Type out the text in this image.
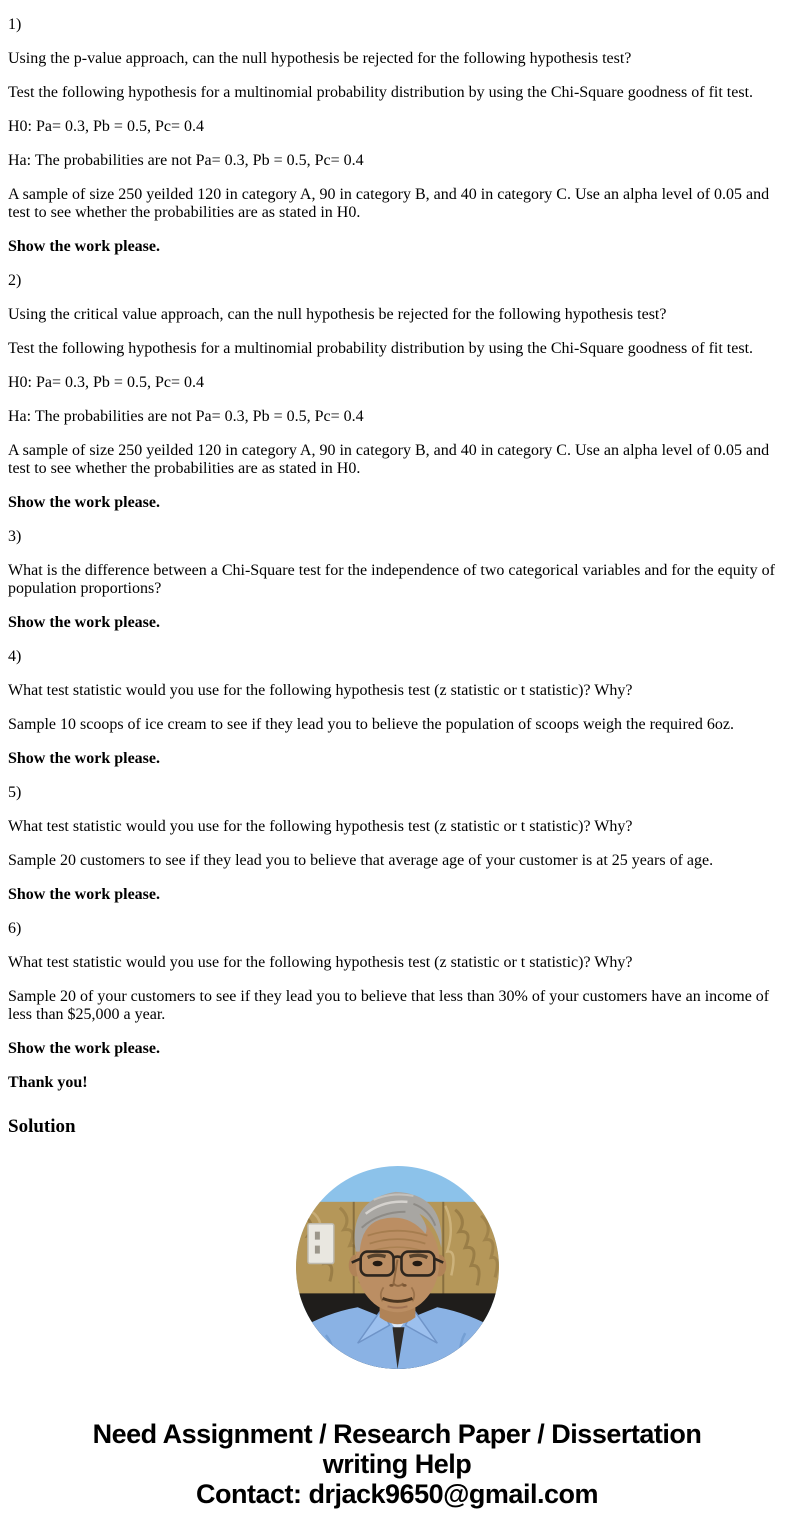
1)

Using the p-value approach, can the null hypothesis be rejected for the following hypothesis test?

Test the following hypothesis for a multinomial probability distribution by using the Chi-Square goodness of fit test.

H0: Pa= 0.3, Pb = 0.5, Pc= 0.4

Ha: The probabilities are not Pa= 0.3, Pb = 0.5, Pc= 0.4

A sample of size 250 yeilded 120 in category A, 90 in category B, and 40 in category C. Use an alpha level of 0.05 and test to see whether the probabilities are as stated in H0.

Show the work please.

2)

Using the critical value approach, can the null hypothesis be rejected for the following hypothesis test?

Test the following hypothesis for a multinomial probability distribution by using the Chi-Square goodness of fit test.

H0: Pa= 0.3, Pb = 0.5, Pc= 0.4

Ha: The probabilities are not Pa= 0.3, Pb = 0.5, Pc= 0.4

A sample of size 250 yeilded 120 in category A, 90 in category B, and 40 in category C. Use an alpha level of 0.05 and test to see whether the probabilities are as stated in H0.

Show the work please.

3)

What is the difference between a Chi-Square test for the independence of two categorical variables and for the equity of population proportions?

Show the work please.

4)

What test statistic would you use for the following hypothesis test (z statistic or t statistic)? Why?

Sample 10 scoops of ice cream to see if they lead you to believe the population of scoops weigh the required 6oz.

Show the work please.

5)

What test statistic would you use for the following hypothesis test (z statistic or t statistic)? Why?

Sample 20 customers to see if they lead you to believe that average age of your customer is at 25 years of age.

Show the work please.

6)

What test statistic would you use for the following hypothesis test (z statistic or t statistic)? Why?

Sample 20 of your customers to see if they lead you to believe that less than 30% of your customers have an income of less than $25,000 a year.

Show the work please.

Thank you!

Solution
Need Assignment / Research Paper / Dissertation
writing Help
Contact: drjack9650@gmail.com
